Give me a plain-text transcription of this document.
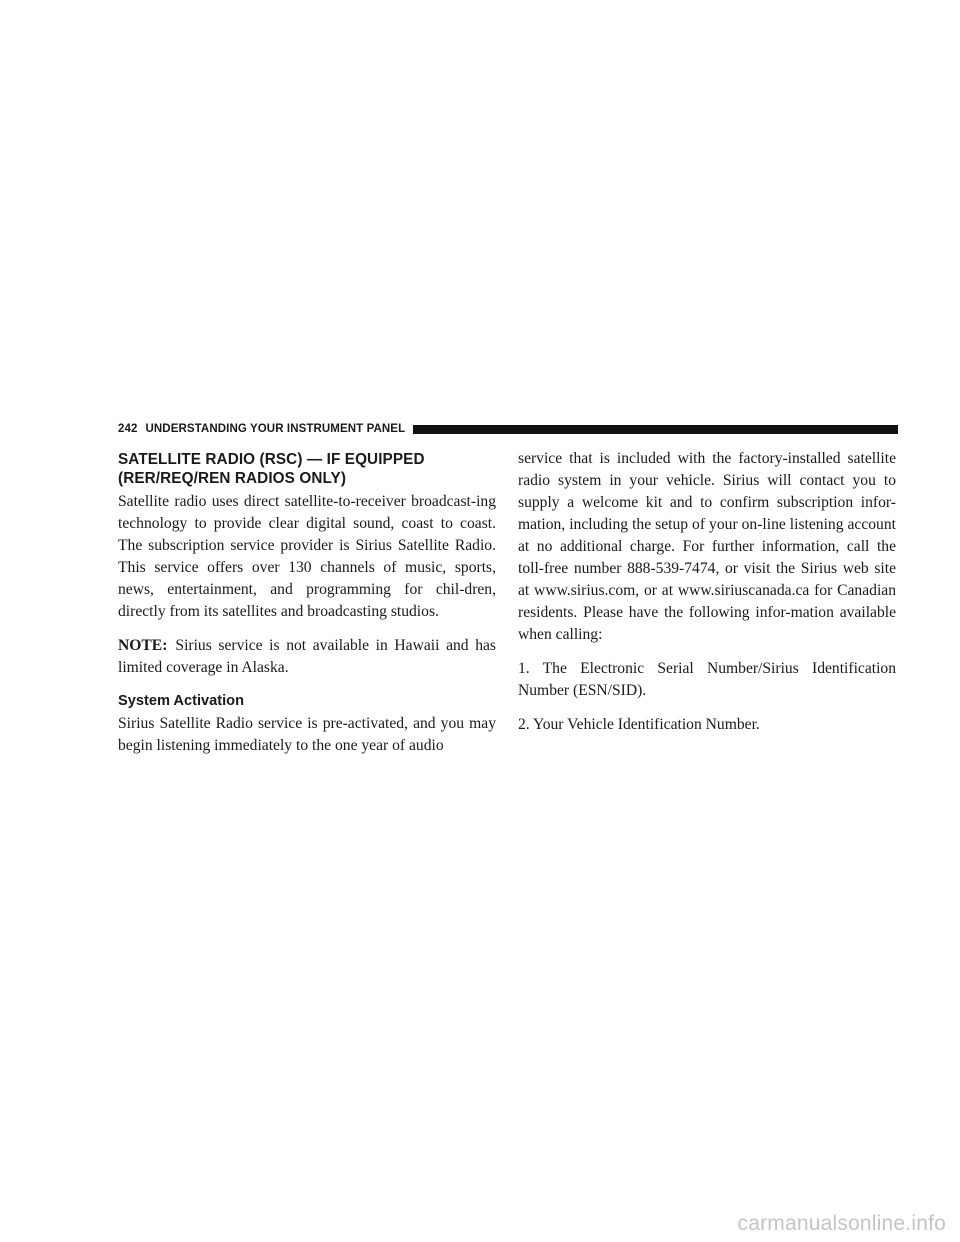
242 UNDERSTANDING YOUR INSTRUMENT PANEL
SATELLITE RADIO (RSC) — IF EQUIPPED
(RER/REQ/REN RADIOS ONLY)

Satellite radio uses direct satellite-to-receiver broadcast-ing technology to provide clear digital sound, coast to coast. The subscription service provider is Sirius Satellite Radio. This service offers over 130 channels of music, sports, news, entertainment, and programming for chil-dren, directly from its satellites and broadcasting studios.

NOTE: Sirius service is not available in Hawaii and has limited coverage in Alaska.

System Activation

Sirius Satellite Radio service is pre-activated, and you may begin listening immediately to the one year of audio

service that is included with the factory-installed satellite radio system in your vehicle. Sirius will contact you to supply a welcome kit and to confirm subscription infor-mation, including the setup of your on-line listening account at no additional charge. For further information, call the toll-free number 888-539-7474, or visit the Sirius web site at www.sirius.com, or at www.siriuscanada.ca for Canadian residents. Please have the following infor-mation available when calling:

1. The Electronic Serial Number/Sirius Identification Number (ESN/SID).

2. Your Vehicle Identification Number.

carmanualsonline.info
